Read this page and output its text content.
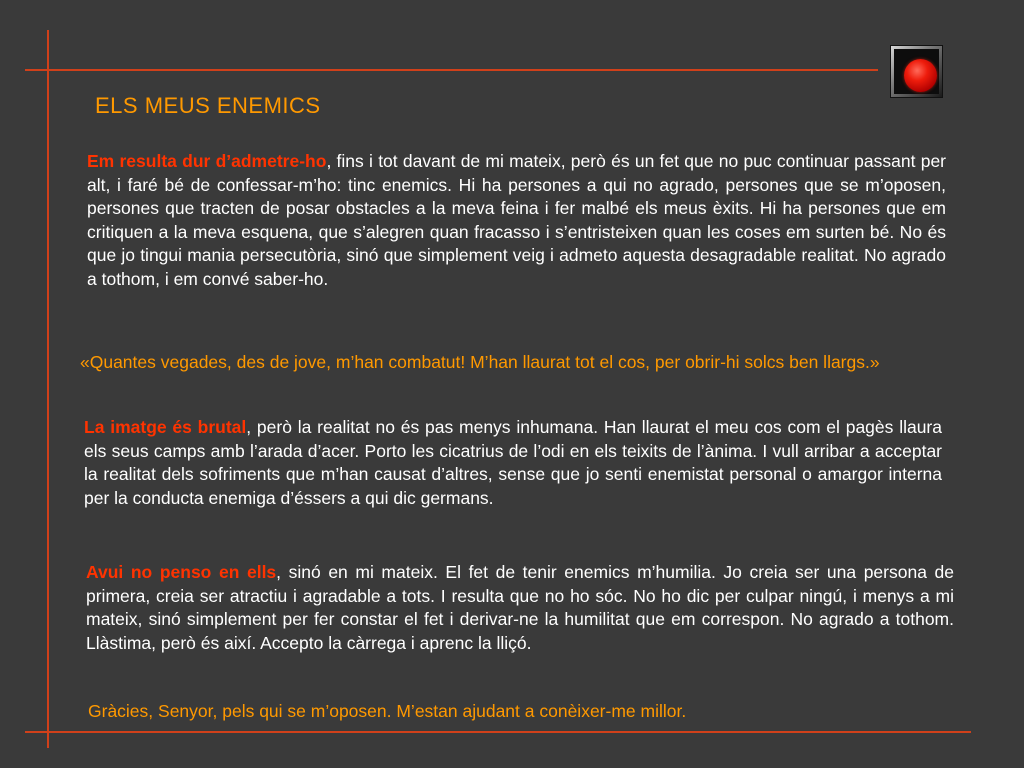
ELS MEUS ENEMICS

Em resulta dur d’admetre-ho, fins i tot davant de mi mateix, però és un fet que no puc continuar passant per alt, i faré bé de confessar-m’ho: tinc enemics. Hi ha persones a qui no agrado, persones que se m’oposen, persones que tracten de posar obstacles a la meva feina i fer malbé els meus èxits. Hi ha persones que em critiquen a la meva esquena, que s’alegren quan fracasso i s’entristeixen quan les coses em surten bé. No és que jo tingui mania persecutòria, sinó que simplement veig i admeto aquesta desagradable realitat. No agrado a tothom, i em convé saber-ho.

«Quantes vegades, des de jove, m’han combatut! M’han llaurat tot el cos, per obrir-hi solcs ben llargs.»

La imatge és brutal, però la realitat no és pas menys inhumana. Han llaurat el meu cos com el pagès llaura els seus camps amb l’arada d’acer. Porto les cicatrius de l’odi en els teixits de l’ànima. I vull arribar a acceptar la realitat dels sofriments que m’han causat d’altres, sense que jo senti enemistat personal o amargor interna per la conducta enemiga d’éssers a qui dic germans.

Avui no penso en ells, sinó en mi mateix. El fet de tenir enemics m’humilia. Jo creia ser una persona de primera, creia ser atractiu i agradable a tots. I resulta que no ho sóc. No ho dic per culpar ningú, i menys a mi mateix, sinó simplement per fer constar el fet i derivar-ne la humilitat que em correspon. No agrado a tothom. Llàstima, però és així. Accepto la càrrega i aprenc la lliçó.

Gràcies, Senyor, pels qui se m’oposen. M’estan ajudant a conèixer-me millor.
